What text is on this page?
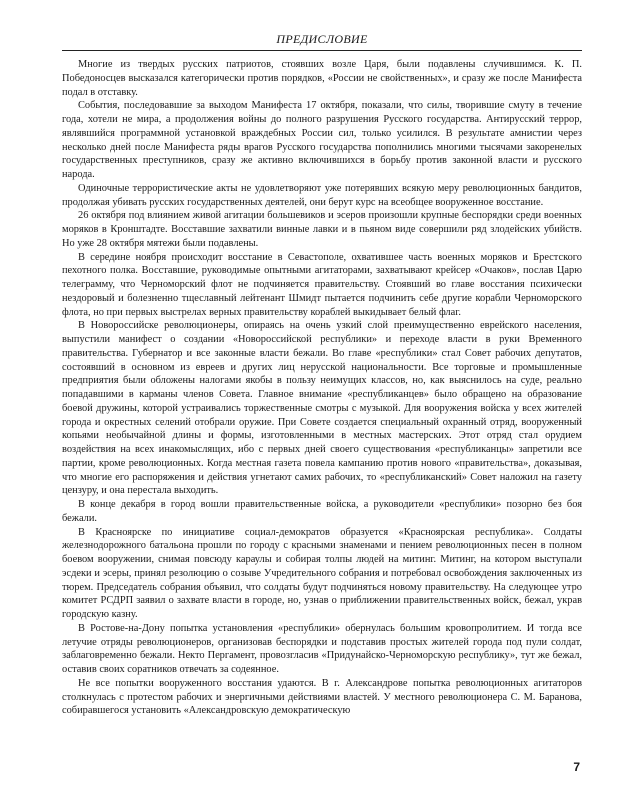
ПРЕДИСЛОВИЕ

Многие из твердых русских патриотов, стоявших возле Царя, были подавлены случившимся. К. П. Победоносцев высказался категорически против порядков, «России не свойственных», и сразу же после Манифеста подал в отставку.

События, последовавшие за выходом Манифеста 17 октября, показали, что силы, творившие смуту в течение года, хотели не мира, а продолжения войны до полного разрушения Русского государства. Антирусский террор, являвшийся программной установкой враждебных России сил, только усилился. В результате амнистии через несколько дней после Манифеста ряды врагов Русского государства пополнились многими тысячами закоренелых государственных преступников, сразу же активно включившихся в борьбу против законной власти и русского народа.

Одиночные террористические акты не удовлетворяют уже потерявших всякую меру революционных бандитов, продолжая убивать русских государственных деятелей, они берут курс на всеобщее вооруженное восстание.

26 октября под влиянием живой агитации большевиков и эсеров произошли крупные беспорядки среди военных моряков в Кронштадте. Восставшие захватили винные лавки и в пьяном виде совершили ряд злодейских убийств. Но уже 28 октября мятежи были подавлены.

В середине ноября происходит восстание в Севастополе, охватившее часть военных моряков и Брестского пехотного полка. Восставшие, руководимые опытными агитаторами, захватывают крейсер «Очаков», послав Царю телеграмму, что Черноморский флот не подчиняется правительству. Стоявший во главе восстания психически нездоровый и болезненно тщеславный лейтенант Шмидт пытается подчинить себе другие корабли Черноморского флота, но при первых выстрелах верных правительству кораблей выкидывает белый флаг.

В Новороссийске революционеры, опираясь на очень узкий слой преимущественно еврейского населения, выпустили манифест о создании «Новороссийской республики» и переходе власти в руки Временного правительства. Губернатор и все законные власти бежали. Во главе «республики» стал Совет рабочих депутатов, состоявший в основном из евреев и других лиц нерусской национальности. Все торговые и промышленные предприятия были обложены налогами якобы в пользу неимущих классов, но, как выяснилось на суде, реально попадавшими в карманы членов Совета. Главное внимание «республиканцев» было обращено на образование боевой дружины, которой устраивались торжественные смотры с музыкой. Для вооружения войска у всех жителей города и окрестных селений отобрали оружие. При Совете создается специальный охранный отряд, вооруженный копьями необычайной длины и формы, изготовленными в местных мастерских. Этот отряд стал орудием воздействия на всех инакомыслящих, ибо с первых дней своего существования «республиканцы» запретили все партии, кроме революционных. Когда местная газета повела кампанию против нового «правительства», доказывая, что многие его распоряжения и действия угнетают самих рабочих, то «республиканский» Совет наложил на газету цензуру, и она перестала выходить.

В конце декабря в город вошли правительственные войска, а руководители «республики» позорно без боя бежали.

В Красноярске по инициативе социал-демократов образуется «Красноярская республика». Солдаты железнодорожного батальона прошли по городу с красными знаменами и пением революционных песен в полном боевом вооружении, снимая повсюду караулы и собирая толпы людей на митинг. Митинг, на котором выступали эсдеки и эсеры, принял резолюцию о созыве Учредительного собрания и потребовал освобождения заключенных из тюрем. Председатель собрания объявил, что солдаты будут подчиняться новому правительству. На следующее утро комитет РСДРП заявил о захвате власти в городе, но, узнав о приближении правительственных войск, бежал, украв городскую казну.

В Ростове-на-Дону попытка установления «республики» обернулась большим кровопролитием. И тогда все летучие отряды революционеров, организовав беспорядки и подставив простых жителей города под пули солдат, заблаговременно бежали. Некто Пергамент, провозгласив «Придунайско-Черноморскую республику», тут же бежал, оставив своих соратников отвечать за содеянное.

Не все попытки вооруженного восстания удаются. В г. Александрове попытка революционных агитаторов столкнулась с протестом рабочих и энергичными действиями властей. У местного революционера С. М. Баранова, собиравшегося установить «Александровскую демократическую

7
